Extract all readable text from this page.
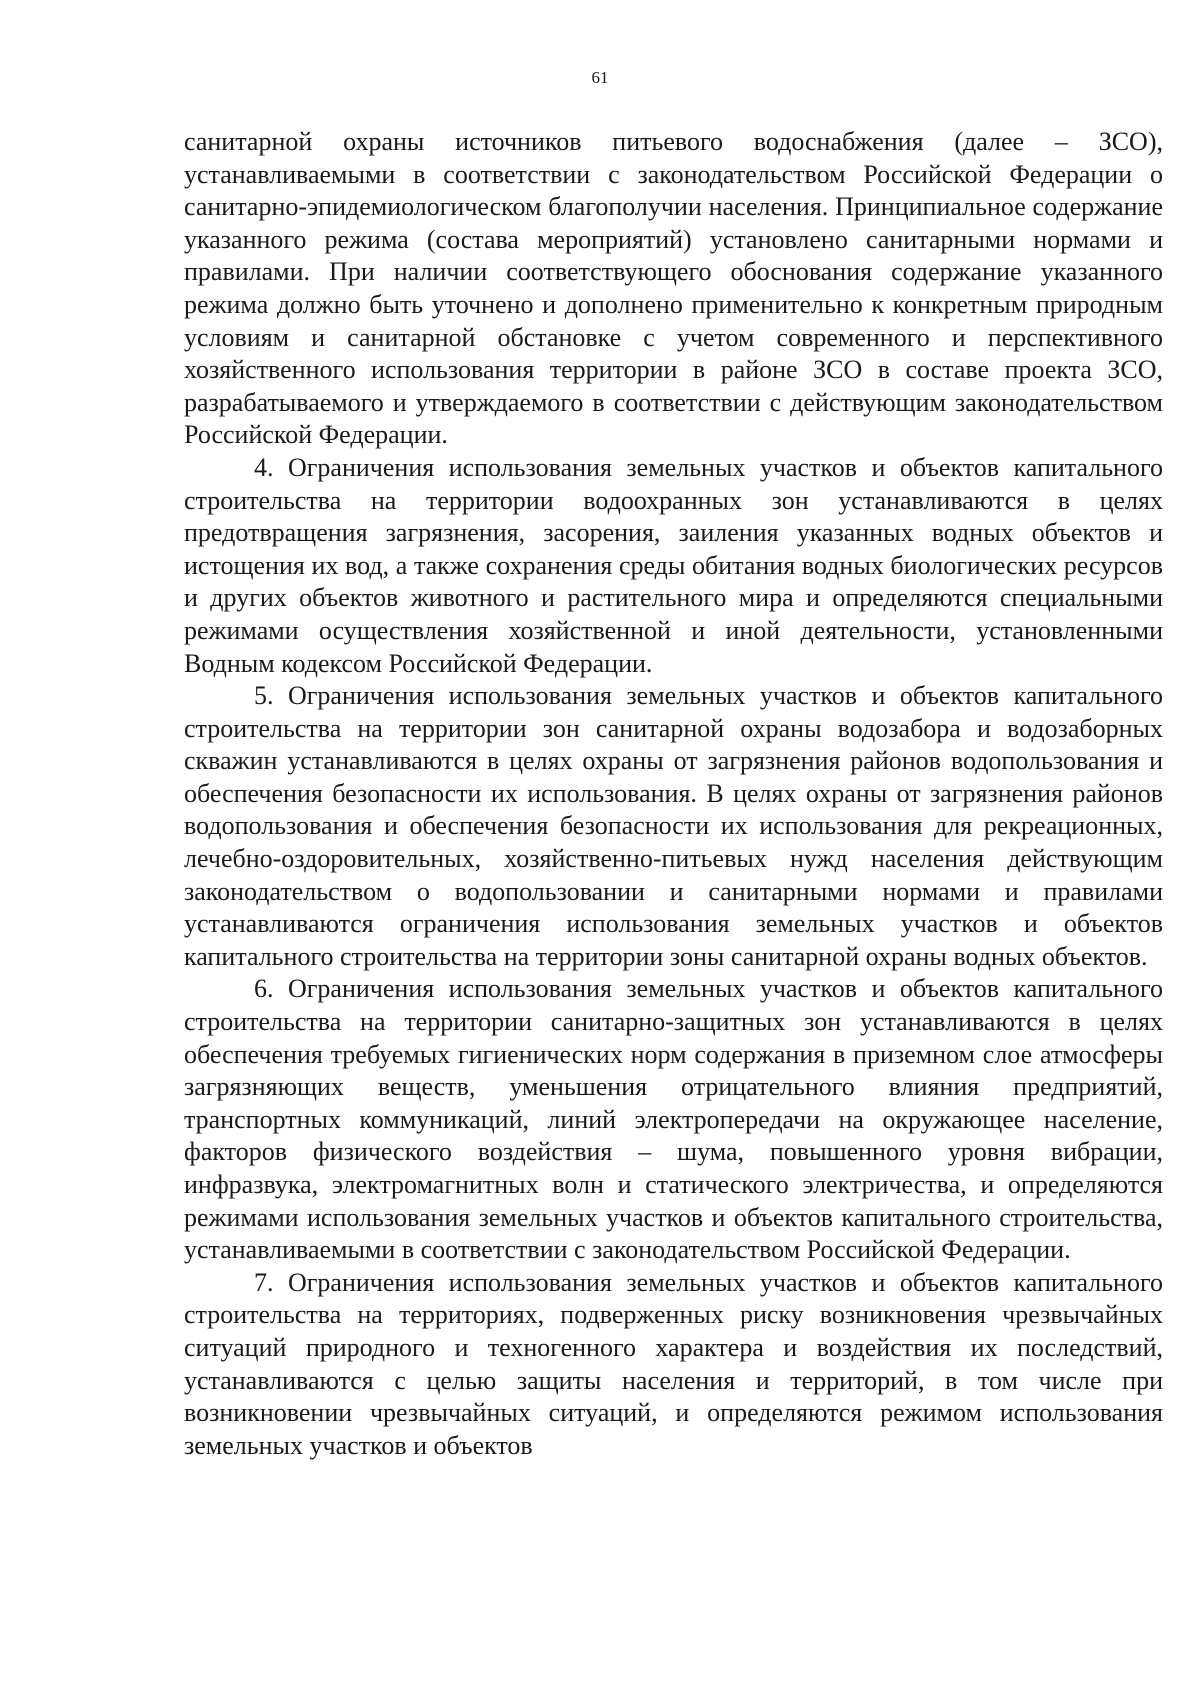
61

санитарной охраны источников питьевого водоснабжения (далее – ЗСО), устанавливаемыми в соответствии с законодательством Российской Федерации о санитарно-эпидемиологическом благополучии населения. Принципиальное содержание указанного режима (состава мероприятий) установлено санитарными нормами и правилами. При наличии соответствующего обоснования содержание указанного режима должно быть уточнено и дополнено применительно к конкретным природным условиям и санитарной обстановке с учетом современного и перспективного хозяйственного использования территории в районе ЗСО в составе проекта ЗСО, разрабатываемого и утверждаемого в соответствии с действующим законодательством Российской Федерации.

4. Ограничения использования земельных участков и объектов капитального строительства на территории водоохранных зон устанавливаются в целях предотвращения загрязнения, засорения, заиления указанных водных объектов и истощения их вод, а также сохранения среды обитания водных биологических ресурсов и других объектов животного и растительного мира и определяются специальными режимами осуществления хозяйственной и иной деятельности, установленными Водным кодексом Российской Федерации.

5. Ограничения использования земельных участков и объектов капитального строительства на территории зон санитарной охраны водозабора и водозаборных скважин устанавливаются в целях охраны от загрязнения районов водопользования и обеспечения безопасности их использования. В целях охраны от загрязнения районов водопользования и обеспечения безопасности их использования для рекреационных, лечебно-оздоровительных, хозяйственно-питьевых нужд населения действующим законодательством о водопользовании и санитарными нормами и правилами устанавливаются ограничения использования земельных участков и объектов капитального строительства на территории зоны санитарной охраны водных объектов.

6. Ограничения использования земельных участков и объектов капитального строительства на территории санитарно-защитных зон устанавливаются в целях обеспечения требуемых гигиенических норм содержания в приземном слое атмосферы загрязняющих веществ, уменьшения отрицательного влияния предприятий, транспортных коммуникаций, линий электропередачи на окружающее население, факторов физического воздействия – шума, повышенного уровня вибрации, инфразвука, электромагнитных волн и статического электричества, и определяются режимами использования земельных участков и объектов капитального строительства, устанавливаемыми в соответствии с законодательством Российской Федерации.

7. Ограничения использования земельных участков и объектов капитального строительства на территориях, подверженных риску возникновения чрезвычайных ситуаций природного и техногенного характера и воздействия их последствий, устанавливаются с целью защиты населения и территорий, в том числе при возникновении чрезвычайных ситуаций, и определяются режимом использования земельных участков и объектов
